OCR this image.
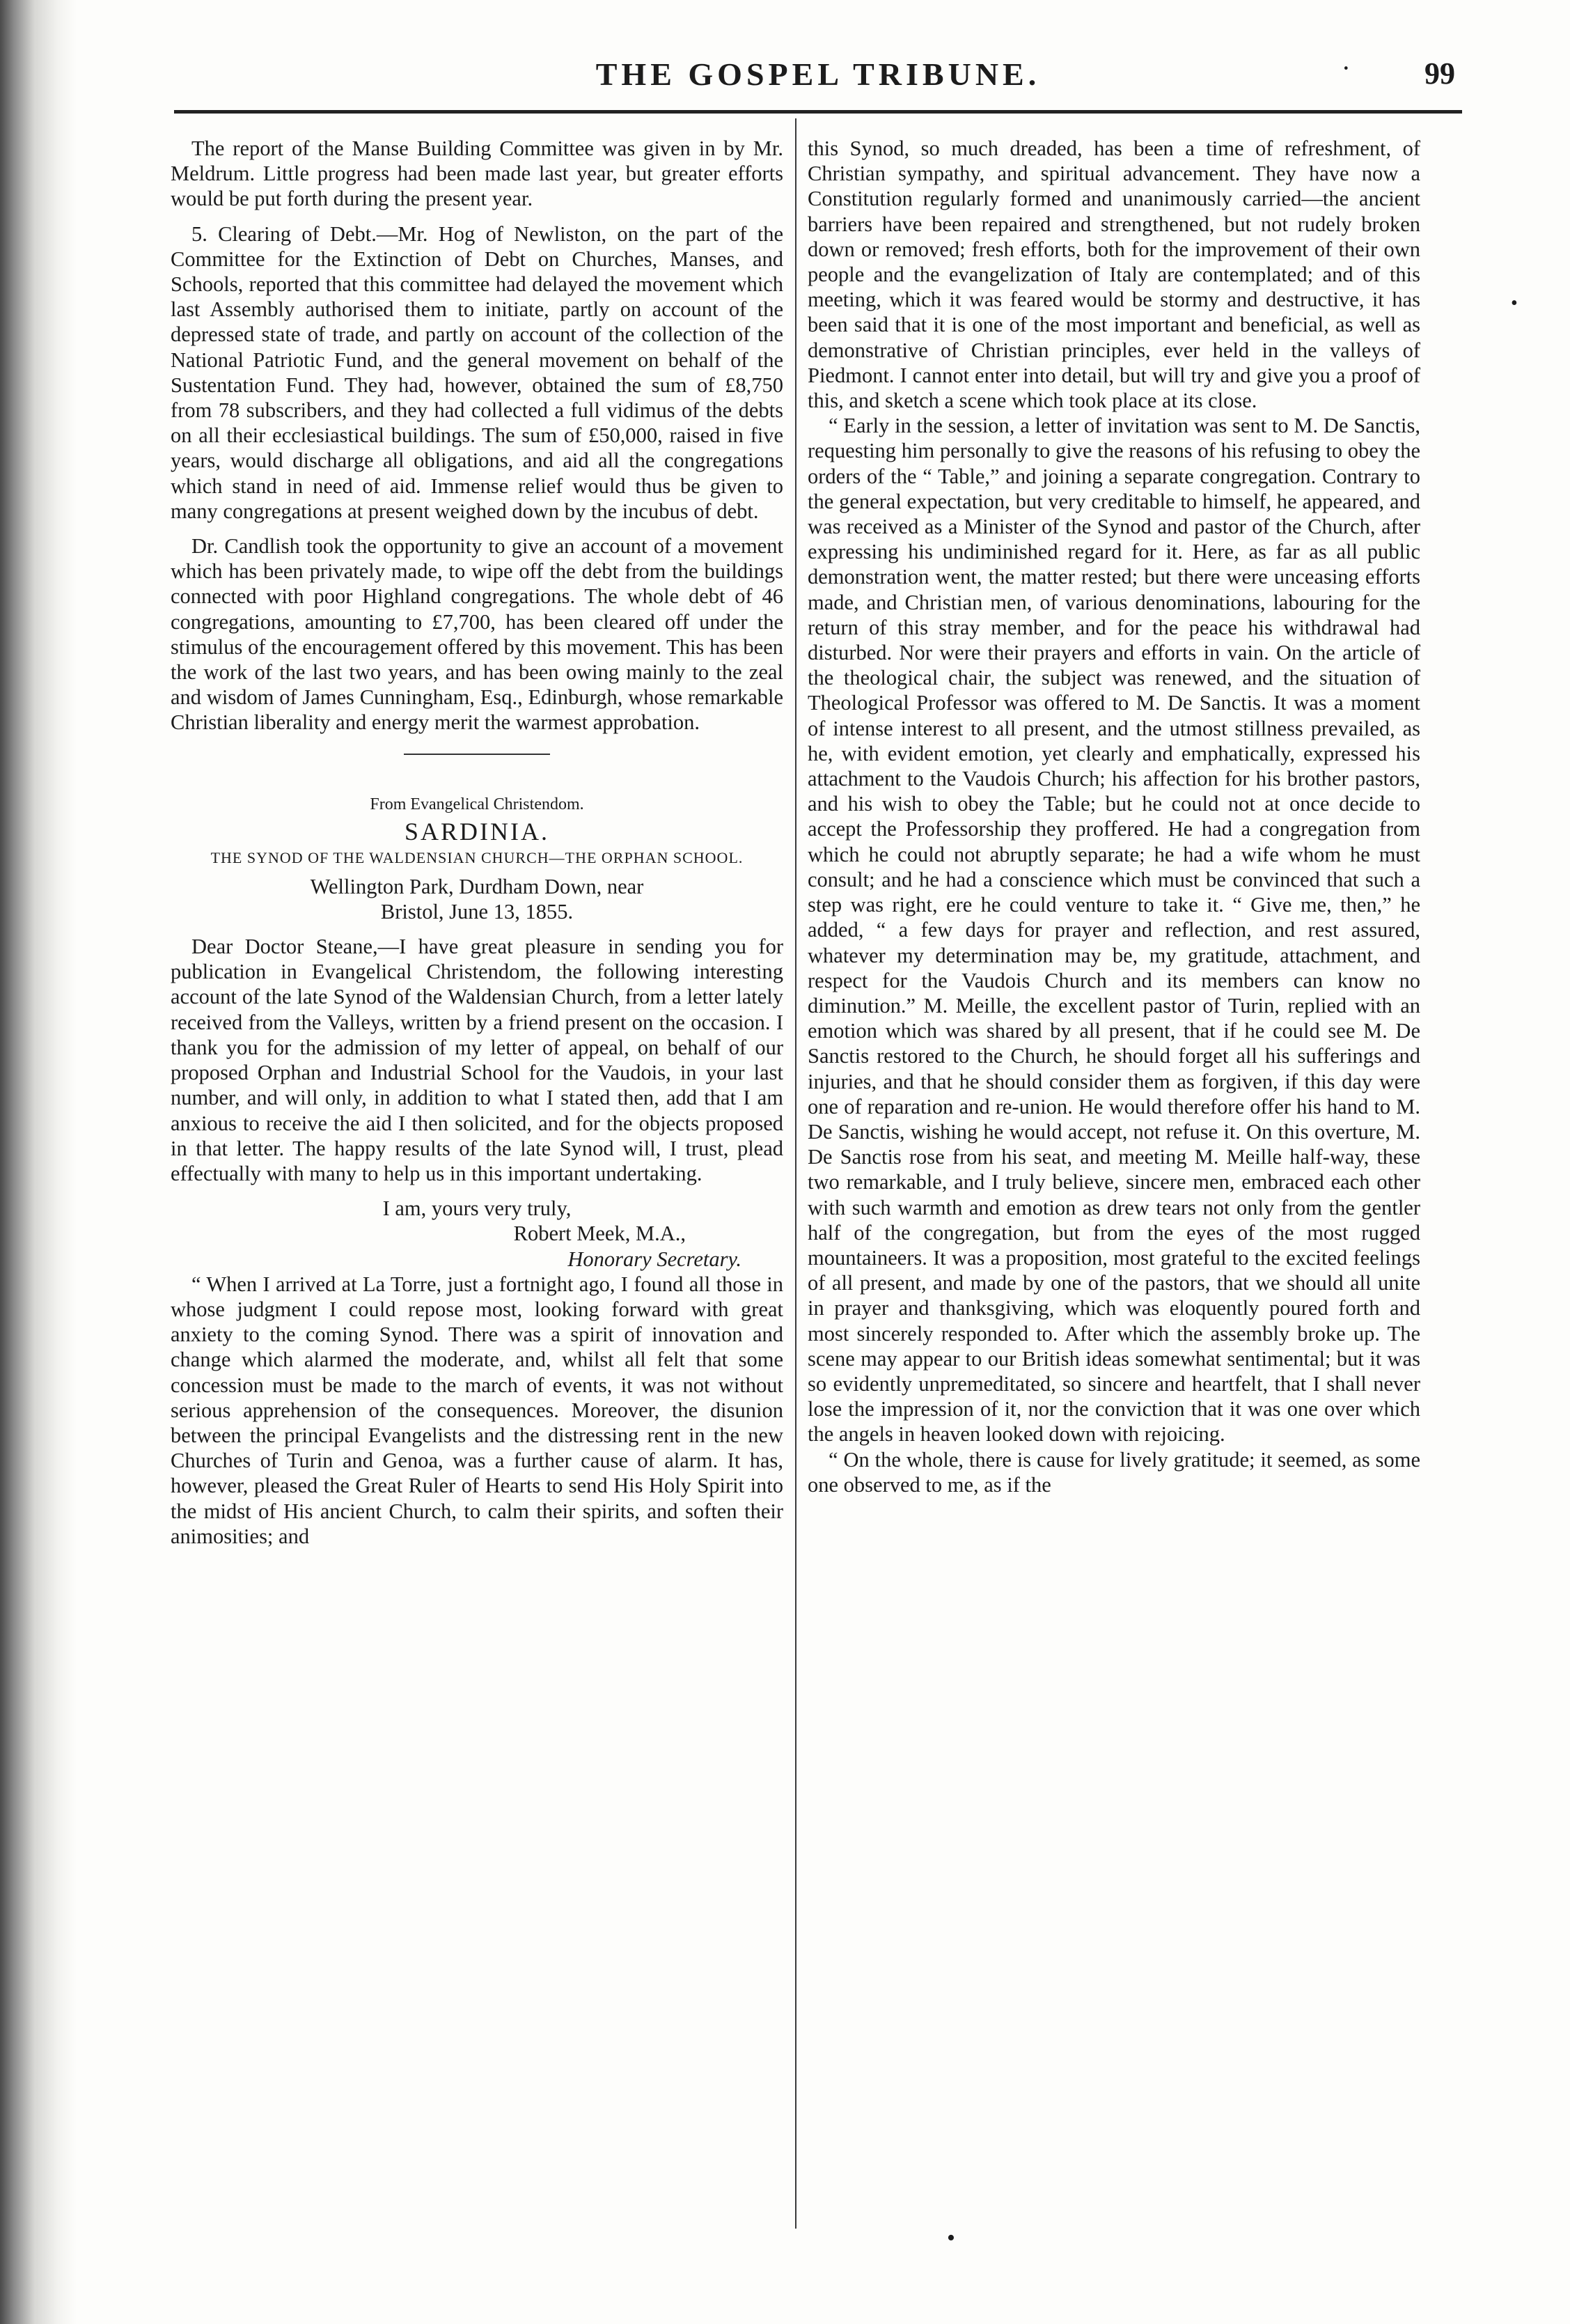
THE GOSPEL TRIBUNE.	· 99

The report of the Manse Building Committee was given in by Mr. Meldrum. Little progress had been made last year, but greater efforts would be put forth during the present year.

5. Clearing of Debt.—Mr. Hog of Newliston, on the part of the Committee for the Extinction of Debt on Churches, Manses, and Schools, reported that this committee had delayed the movement which last Assembly authorised them to initiate, partly on account of the depressed state of trade, and partly on account of the collection of the National Patriotic Fund, and the general movement on behalf of the Sustentation Fund. They had, however, obtained the sum of £8,750 from 78 subscribers, and they had collected a full vidimus of the debts on all their ecclesiastical buildings. The sum of £50,000, raised in five years, would discharge all obligations, and aid all the congregations which stand in need of aid. Immense relief would thus be given to many congregations at present weighed down by the incubus of debt.

Dr. Candlish took the opportunity to give an account of a movement which has been privately made, to wipe off the debt from the buildings connected with poor Highland congregations. The whole debt of 46 congregations, amounting to £7,700, has been cleared off under the stimulus of the encouragement offered by this movement. This has been the work of the last two years, and has been owing mainly to the zeal and wisdom of James Cunningham, Esq., Edinburgh, whose remarkable Christian liberality and energy merit the warmest approbation.

From Evangelical Christendom.

SARDINIA.

THE SYNOD OF THE WALDENSIAN CHURCH—THE ORPHAN SCHOOL.

Wellington Park, Durdham Down, near

Bristol, June 13, 1855.

Dear Doctor Steane,—I have great pleasure in sending you for publication in Evangelical Christendom, the following interesting account of the late Synod of the Waldensian Church, from a letter lately received from the Valleys, written by a friend present on the occasion. I thank you for the admission of my letter of appeal, on behalf of our proposed Orphan and Industrial School for the Vaudois, in your last number, and will only, in addition to what I stated then, add that I am anxious to receive the aid I then solicited, and for the objects proposed in that letter. The happy results of the late Synod will, I trust, plead effectually with many to help us in this important undertaking.

I am, yours very truly,

Robert Meek, M.A.,

Honorary Secretary.

“ When I arrived at La Torre, just a fortnight ago, I found all those in whose judgment I could repose most, looking forward with great anxiety to the coming Synod. There was a spirit of innovation and change which alarmed the moderate, and, whilst all felt that some concession must be made to the march of events, it was not without serious apprehension of the consequences. Moreover, the disunion between the principal Evangelists and the distressing rent in the new Churches of Turin and Genoa, was a further cause of alarm. It has, however, pleased the Great Ruler of Hearts to send His Holy Spirit into the midst of His ancient Church, to calm their spirits, and soften their animosities; and

this Synod, so much dreaded, has been a time of refreshment, of Christian sympathy, and spiritual advancement. They have now a Constitution regularly formed and unanimously carried—the ancient barriers have been repaired and strengthened, but not rudely broken down or removed; fresh efforts, both for the improvement of their own people and the evangelization of Italy are contemplated; and of this meeting, which it was feared would be stormy and destructive, it has been said that it is one of the most important and beneficial, as well as demonstrative of Christian principles, ever held in the valleys of Piedmont. I cannot enter into detail, but will try and give you a proof of this, and sketch a scene which took place at its close.

“ Early in the session, a letter of invitation was sent to M. De Sanctis, requesting him personally to give the reasons of his refusing to obey the orders of the “ Table,” and joining a separate congregation. Contrary to the general expectation, but very creditable to himself, he appeared, and was received as a Minister of the Synod and pastor of the Church, after expressing his undiminished regard for it. Here, as far as all public demonstration went, the matter rested; but there were unceasing efforts made, and Christian men, of various denominations, labouring for the return of this stray member, and for the peace his withdrawal had disturbed. Nor were their prayers and efforts in vain. On the article of the theological chair, the subject was renewed, and the situation of Theological Professor was offered to M. De Sanctis. It was a moment of intense interest to all present, and the utmost stillness prevailed, as he, with evident emotion, yet clearly and emphatically, expressed his attachment to the Vaudois Church; his affection for his brother pastors, and his wish to obey the Table; but he could not at once decide to accept the Professorship they proffered. He had a congregation from which he could not abruptly separate; he had a wife whom he must consult; and he had a conscience which must be convinced that such a step was right, ere he could venture to take it. “ Give me, then,” he added, “ a few days for prayer and reflection, and rest assured, whatever my determination may be, my gratitude, attachment, and respect for the Vaudois Church and its members can know no diminution.” M. Meille, the excellent pastor of Turin, replied with an emotion which was shared by all present, that if he could see M. De Sanctis restored to the Church, he should forget all his sufferings and injuries, and that he should consider them as forgiven, if this day were one of reparation and re-union. He would therefore offer his hand to M. De Sanctis, wishing he would accept, not refuse it. On this overture, M. De Sanctis rose from his seat, and meeting M. Meille half-way, these two remarkable, and I truly believe, sincere men, embraced each other with such warmth and emotion as drew tears not only from the gentler half of the congregation, but from the eyes of the most rugged mountaineers. It was a proposition, most grateful to the excited feelings of all present, and made by one of the pastors, that we should all unite in prayer and thanksgiving, which was eloquently poured forth and most sincerely responded to. After which the assembly broke up. The scene may appear to our British ideas somewhat sentimental; but it was so evidently unpremeditated, so sincere and heartfelt, that I shall never lose the impression of it, nor the conviction that it was one over which the angels in heaven looked down with rejoicing.

“ On the whole, there is cause for lively gratitude; it seemed, as some one observed to me, as if the

•
•
